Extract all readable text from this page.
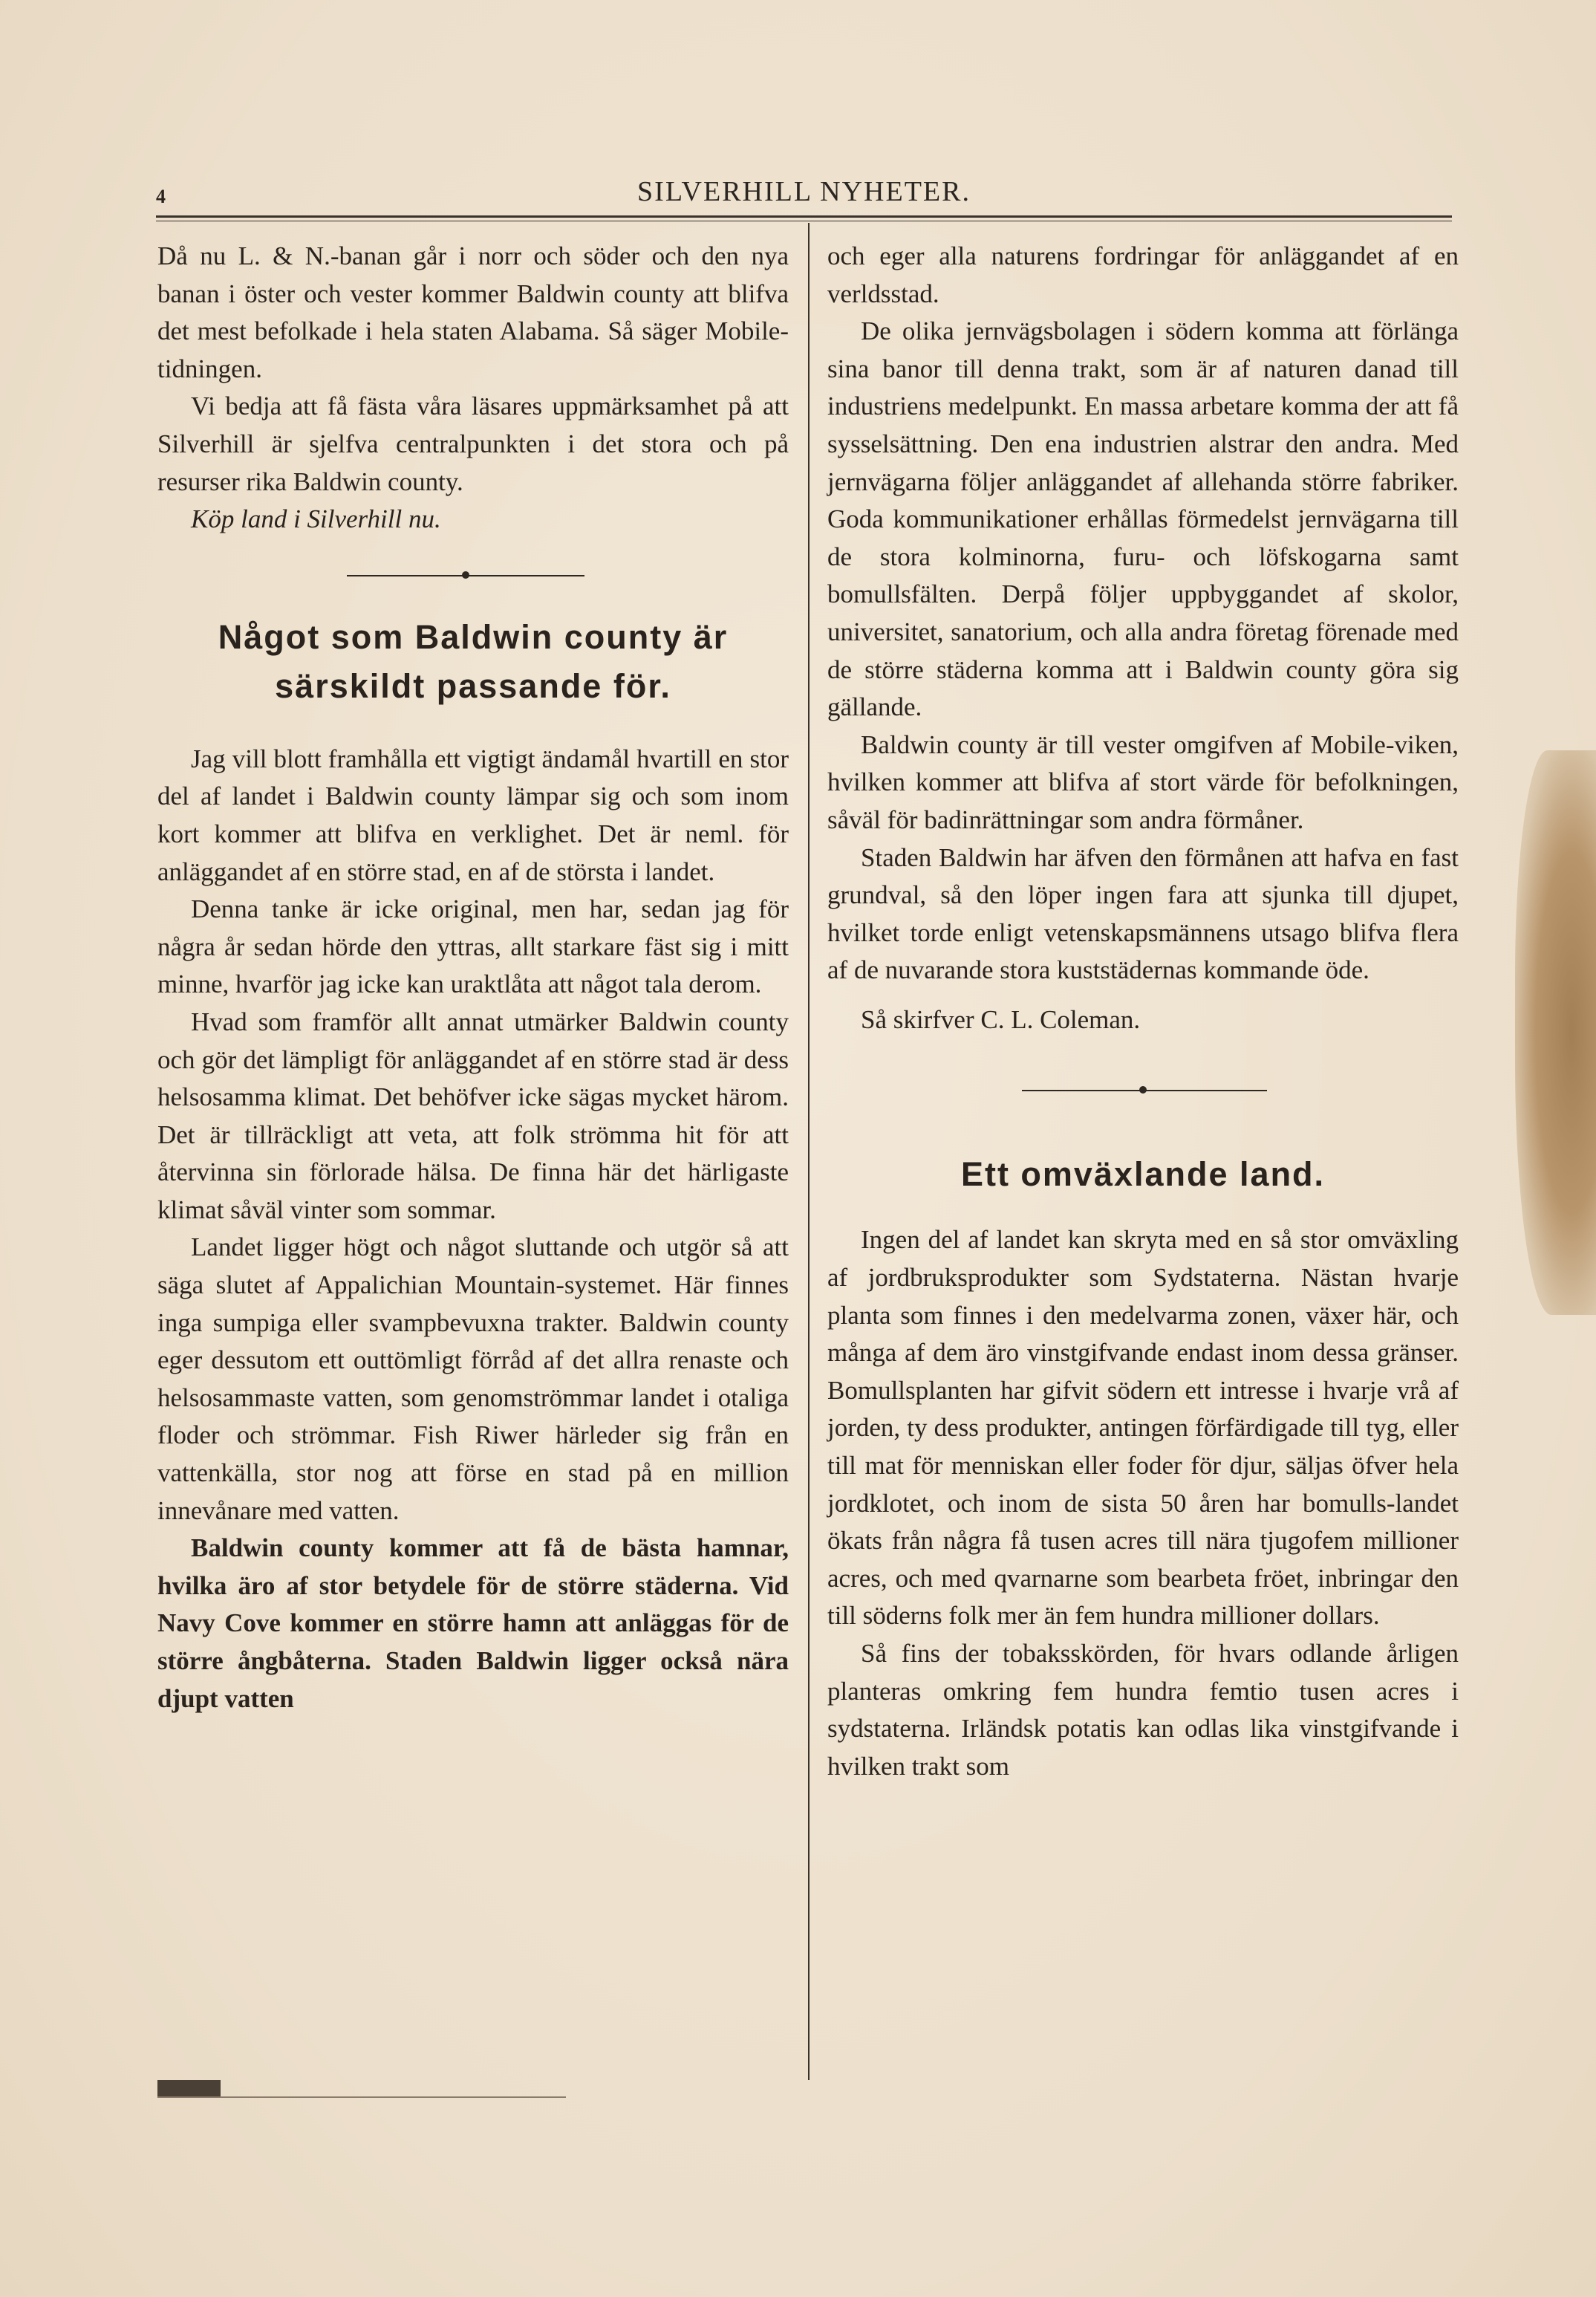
4	SILVERHILL NYHETER.

Då nu L. & N.-banan går i norr och söder och den nya banan i öster och vester kommer Baldwin county att blifva det mest befolkade i hela staten Alabama. Så säger Mobile-tidningen.

Vi bedja att få fästa våra läsares uppmärksamhet på att Silverhill är sjelfva centralpunkten i det stora och på resurser rika Baldwin county.

Köp land i Silverhill nu.

Något som Baldwin county är särskildt passande för.

Jag vill blott framhålla ett vigtigt ändamål hvartill en stor del af landet i Baldwin county lämpar sig och som inom kort kommer att blifva en verklighet. Det är neml. för anläggandet af en större stad, en af de största i landet.

Denna tanke är icke original, men har, sedan jag för några år sedan hörde den yttras, allt starkare fäst sig i mitt minne, hvarför jag icke kan uraktlåta att något tala derom.

Hvad som framför allt annat utmärker Baldwin county och gör det lämpligt för anläggandet af en större stad är dess helsosamma klimat. Det behöfver icke sägas mycket härom. Det är tillräckligt att veta, att folk strömma hit för att återvinna sin förlorade hälsa. De finna här det härligaste klimat såväl vinter som sommar.

Landet ligger högt och något sluttande och utgör så att säga slutet af Appalichian Mountain-systemet. Här finnes inga sumpiga eller svampbevuxna trakter. Baldwin county eger dessutom ett outtömligt förråd af det allra renaste och helsosammaste vatten, som genomströmmar landet i otaliga floder och strömmar. Fish Riwer härleder sig från en vattenkälla, stor nog att förse en stad på en million innevånare med vatten.

Baldwin county kommer att få de bästa hamnar, hvilka äro af stor betydele för de större städerna. Vid Navy Cove kommer en större hamn att anläggas för de större ångbåterna. Staden Baldwin ligger också nära djupt vatten

och eger alla naturens fordringar för anläggandet af en verldsstad.

De olika jernvägsbolagen i södern komma att förlänga sina banor till denna trakt, som är af naturen danad till industriens medelpunkt. En massa arbetare komma der att få sysselsättning. Den ena industrien alstrar den andra. Med jernvägarna följer anläggandet af allehanda större fabriker. Goda kommunikationer erhållas förmedelst jernvägarna till de stora kolminorna, furu- och löfskogarna samt bomullsfälten. Derpå följer uppbyggandet af skolor, universitet, sanatorium, och alla andra företag förenade med de större städerna komma att i Baldwin county göra sig gällande.

Baldwin county är till vester omgifven af Mobile-viken, hvilken kommer att blifva af stort värde för befolkningen, såväl för badinrättningar som andra förmåner.

Staden Baldwin har äfven den förmånen att hafva en fast grundval, så den löper ingen fara att sjunka till djupet, hvilket torde enligt vetenskapsmännens utsago blifva flera af de nuvarande stora kuststädernas kommande öde.

Så skirfver C. L. Coleman.

Ett omväxlande land.

Ingen del af landet kan skryta med en så stor omväxling af jordbruksprodukter som Sydstaterna. Nästan hvarje planta som finnes i den medelvarma zonen, växer här, och många af dem äro vinstgifvande endast inom dessa gränser. Bomullsplanten har gifvit södern ett intresse i hvarje vrå af jorden, ty dess produkter, antingen förfärdigade till tyg, eller till mat för menniskan eller foder för djur, säljas öfver hela jordklotet, och inom de sista 50 åren har bomulls-landet ökats från några få tusen acres till nära tjugofem millioner acres, och med qvarnarne som bearbeta fröet, inbringar den till söderns folk mer än fem hundra millioner dollars.

Så fins der tobaksskörden, för hvars odlande årligen planteras omkring fem hundra femtio tusen acres i sydstaterna. Irländsk potatis kan odlas lika vinstgifvande i hvilken trakt som
